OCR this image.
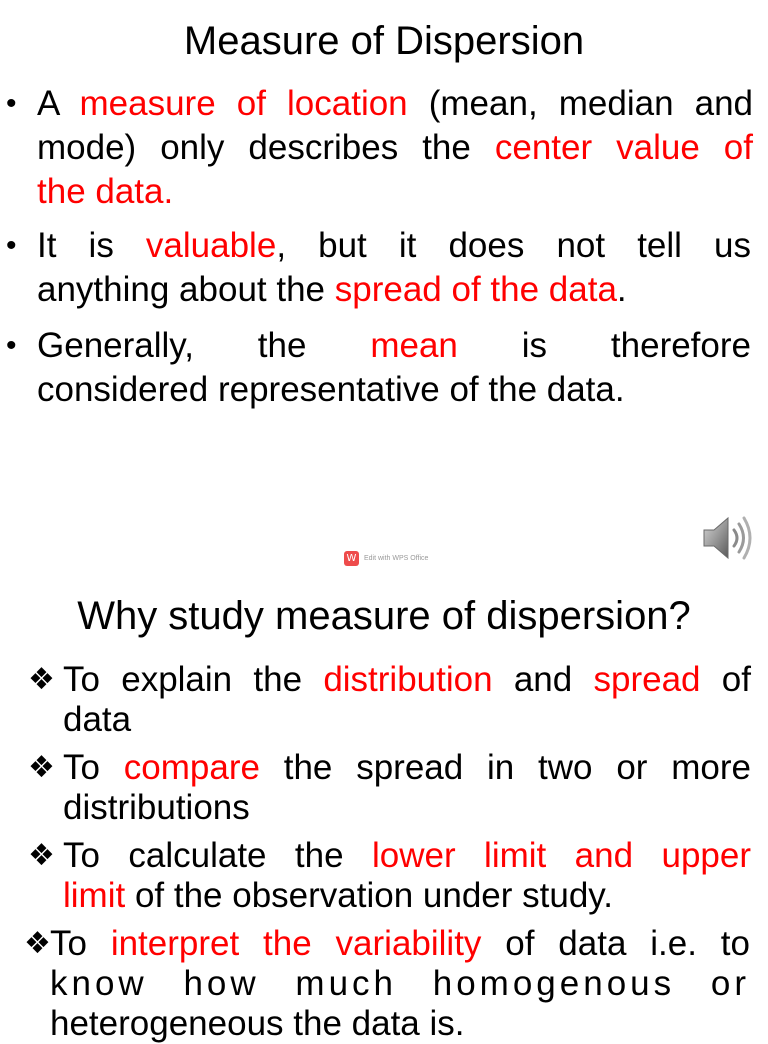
Measure of Dispersion
• A measure of location (mean, median and
mode) only describes the center value of
the data.
• It is valuable, but it does not tell us
anything about the spread of the data.
• Generally, the mean is therefore
considered representative of the data.
W	Edit with WPS Office
Why study measure of dispersion?
❖ To explain the distribution and spread of
data
❖ To compare the spread in two or more
distributions
❖ To calculate the lower limit and upper
limit of the observation under study.
❖ To interpret the variability of data i.e. to
know how much homogenous or
heterogeneous the data is.
